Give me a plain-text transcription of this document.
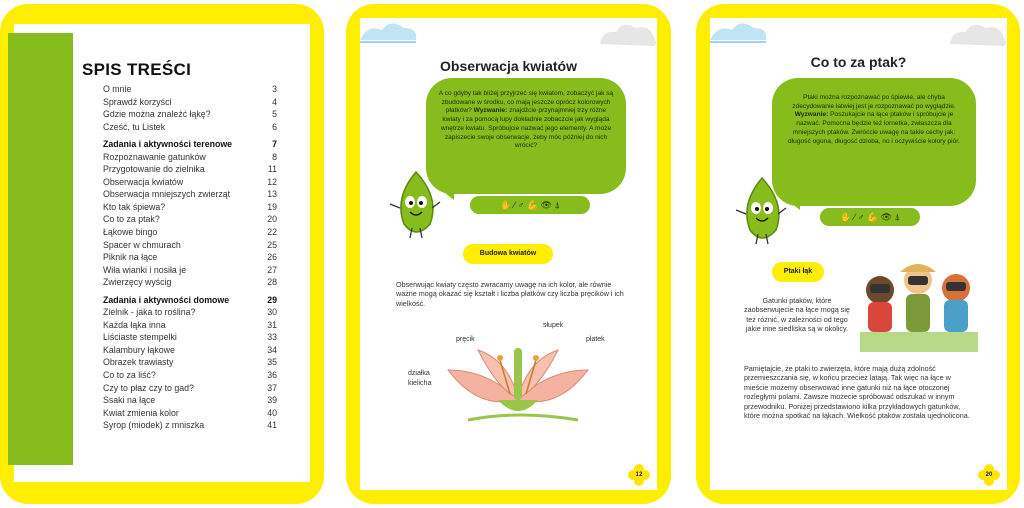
SPIS TREŚCI
O mnie	3
Sprawdź korzyści	4
Gdzie można znaleźć łąkę?	5
Cześć, tu Listek	6
Zadania i aktywności terenowe	7
Rozpoznawanie gatunków	8
Przygotowanie do zielnika	11
Obserwacja kwiatów	12
Obserwacja mniejszych zwierząt	13
Kto tak śpiewa?	19
Co to za ptak?	20
Łąkowe bingo	22
Spacer w chmurach	25
Piknik na łące	26
Wiła wianki i nosiła je	27
Zwierzęcy wyścig	28
Zadania i aktywności domowe	29
Zielnik - jaka to roślina?	30
Każda łąka inna	31
Liściaste stempelki	33
Kalambury łąkowe	34
Obrazek trawiasty	35
Co to za liść?	36
Czy to płaz czy to gad?	37
Ssaki na łące	39
Kwiat zmienia kolor	40
Syrop (miodek) z mniszka	41
Obserwacja kwiatów
A co gdyby tak bliżej przyjrzeć się kwiatom, zobaczyć jak są zbudowane w środku, co mają jeszcze oprócz kolorowych płatków? Wyzwanie: znajdźcie przynajmniej trzy różne kwiaty i za pomocą lupy dokładnie zobaczcie jak wygląda wnętrze kwiatu. Spróbujcie nazwać jego elementy. A może zapiszecie swoje obserwacje, żeby móc później do nich wrócić?
✋ ⁄ ♂ 💪 👁 ⍋
Budowa kwiatów
Obserwując kwiaty często zwracamy uwagę na ich kolor, ale równie ważne mogą okazać się kształt i liczba płatków czy liczba pręcików i ich wielkość.
pręcik
słupek
płatek
działka
kielicha
12
Co to za ptak?
Ptaki można rozpoznawać po śpiewie, ale chyba zdecydowanie łatwiej jest je rozpoznawać po wyglądzie. Wyzwanie: Poszukajcie na łące ptaków i spróbujcie je nazwać. Pomocna będzie też lornetka, zwłaszcza dla mniejszych ptaków. Zwróćcie uwagę na takie cechy jak: długość ogona, długość dzioba, no i oczywiście kolory piór.
✋ ⁄ ♂ 💪 👁 ⍋
Ptaki łąk
Gatunki ptaków, które zaobserwujecie na łące mogą się też różnić, w zależności od tego jakie inne siedliska są w okolicy.
Pamiętajcie, że ptaki to zwierzęta, które mają dużą zdolność przemieszczania się, w końcu przecież latają. Tak więc na łące w mieście możemy obserwować inne gatunki niż na łące otoczonej rozległymi polami. Zawsze możecie spróbować odszukać w innym przewodniku. Poniżej przedstawiono kilka przykładowych gatunków, które można spotkać na łąkach. Wielkość ptaków została ujednolicona.
20
